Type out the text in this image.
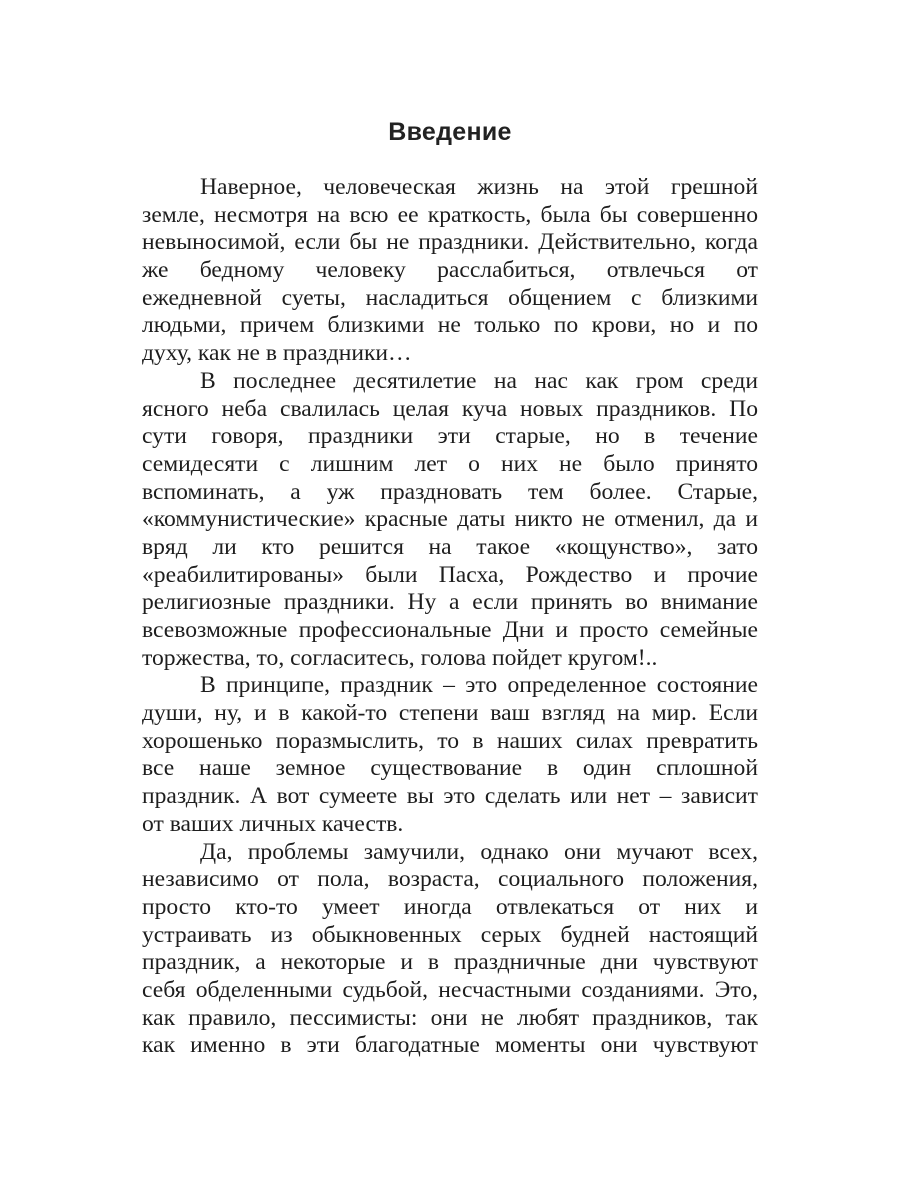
Введение
Наверное, человеческая жизнь на этой грешной
земле, несмотря на всю ее краткость, была бы совершенно
невыносимой, если бы не праздники. Действительно, когда
же бедному человеку расслабиться, отвлечься от
ежедневной суеты, насладиться общением с близкими
людьми, причем близкими не только по крови, но и по
духу, как не в праздники…
В последнее десятилетие на нас как гром среди
ясного неба свалилась целая куча новых праздников. По
сути говоря, праздники эти старые, но в течение
семидесяти с лишним лет о них не было принято
вспоминать, а уж праздновать тем более. Старые,
«коммунистические» красные даты никто не отменил, да и
вряд ли кто решится на такое «кощунство», зато
«реабилитированы» были Пасха, Рождество и прочие
религиозные праздники. Ну а если принять во внимание
всевозможные профессиональные Дни и просто семейные
торжества, то, согласитесь, голова пойдет кругом!..
В принципе, праздник – это определенное состояние
души, ну, и в какой-то степени ваш взгляд на мир. Если
хорошенько поразмыслить, то в наших силах превратить
все наше земное существование в один сплошной
праздник. А вот сумеете вы это сделать или нет – зависит
от ваших личных качеств.
Да, проблемы замучили, однако они мучают всех,
независимо от пола, возраста, социального положения,
просто кто-то умеет иногда отвлекаться от них и
устраивать из обыкновенных серых будней настоящий
праздник, а некоторые и в праздничные дни чувствуют
себя обделенными судьбой, несчастными созданиями. Это,
как правило, пессимисты: они не любят праздников, так
как именно в эти благодатные моменты они чувствуют
